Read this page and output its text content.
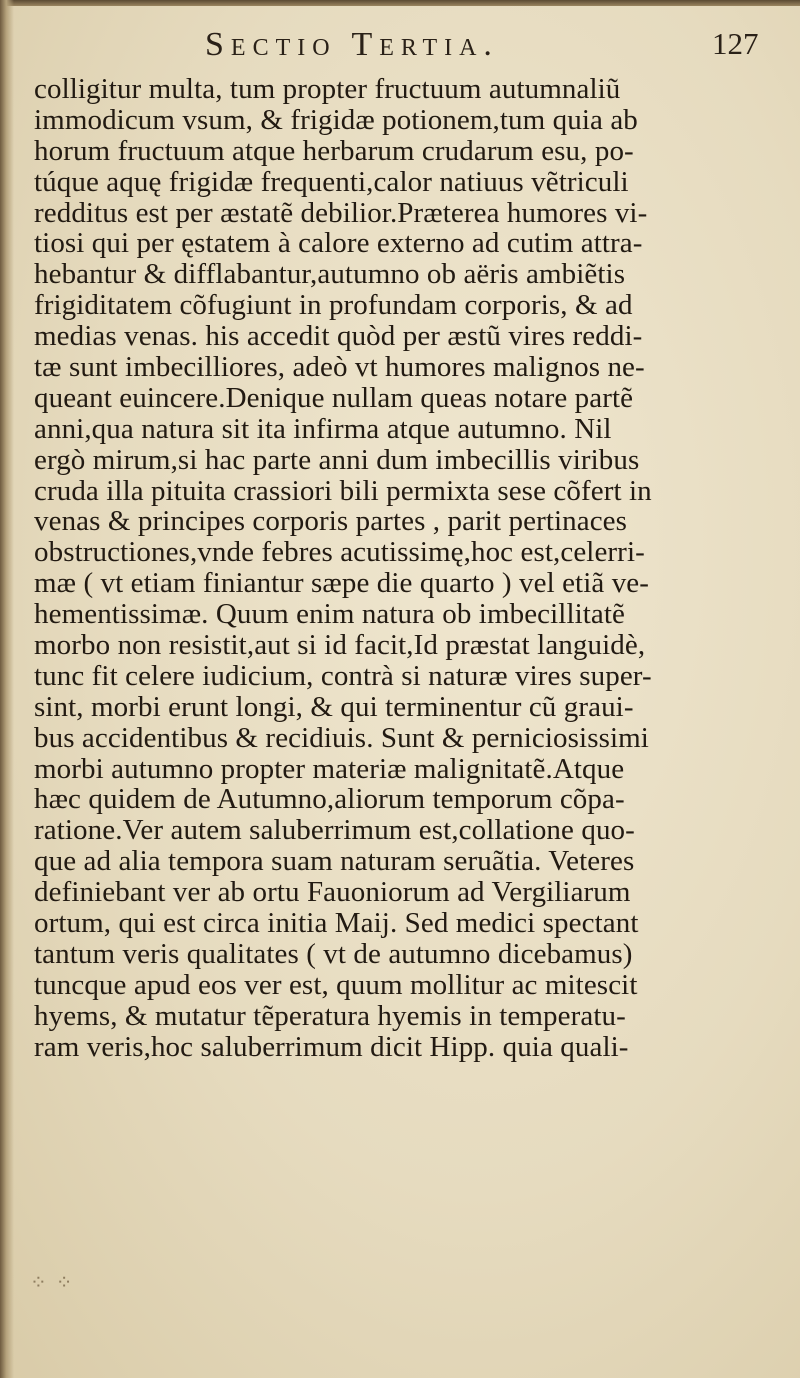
Sectio Tertia.	127
colligitur multa, tum propter fructuum autumnaliũ
immodicum vsum, & frigidæ potionem,tum quia ab
horum fructuum atque herbarum crudarum esu, po-
túque aquę frigidæ frequenti,calor natiuus vẽtriculi
redditus est per æstatẽ debilior.Præterea humores vi-
tiosi qui per ęstatem à calore externo ad cutim attra-
hebantur & difflabantur,autumno ob aëris ambiẽtis
frigiditatem cõfugiunt in profundam corporis, & ad
medias venas. his accedit quòd per æstũ vires reddi-
tæ sunt imbecilliores, adeò vt humores malignos ne-
queant euincere.Denique nullam queas notare partẽ
anni,qua natura sit ita infirma atque autumno. Nil
ergò mirum,si hac parte anni dum imbecillis viribus
cruda illa pituita crassiori bili permixta sese cõfert in
venas & principes corporis partes , parit pertinaces
obstructiones,vnde febres acutissimę,hoc est,celerri-
mæ ( vt etiam finiantur sæpe die quarto ) vel etiã ve-
hementissimæ. Quum enim natura ob imbecillitatẽ
morbo non resistit,aut si id facit,Id præstat languidè,
tunc fit celere iudicium, contrà si naturæ vires super-
sint, morbi erunt longi, & qui terminentur cũ graui-
bus accidentibus & recidiuis. Sunt & perniciosissimi
morbi autumno propter materiæ malignitatẽ.Atque
hæc quidem de Autumno,aliorum temporum cõpa-
ratione.Ver autem saluberrimum est,collatione quo-
que ad alia tempora suam naturam seruãtia. Veteres
definiebant ver ab ortu Fauoniorum ad Vergiliarum
ortum, qui est circa initia Maij. Sed medici spectant
tantum veris qualitates ( vt de autumno dicebamus)
tuncque apud eos ver est, quum mollitur ac mitescit
hyems, & mutatur tẽperatura hyemis in temperatu-
ram veris,hoc saluberrimum dicit Hipp. quia quali-
⁘ ⁘
